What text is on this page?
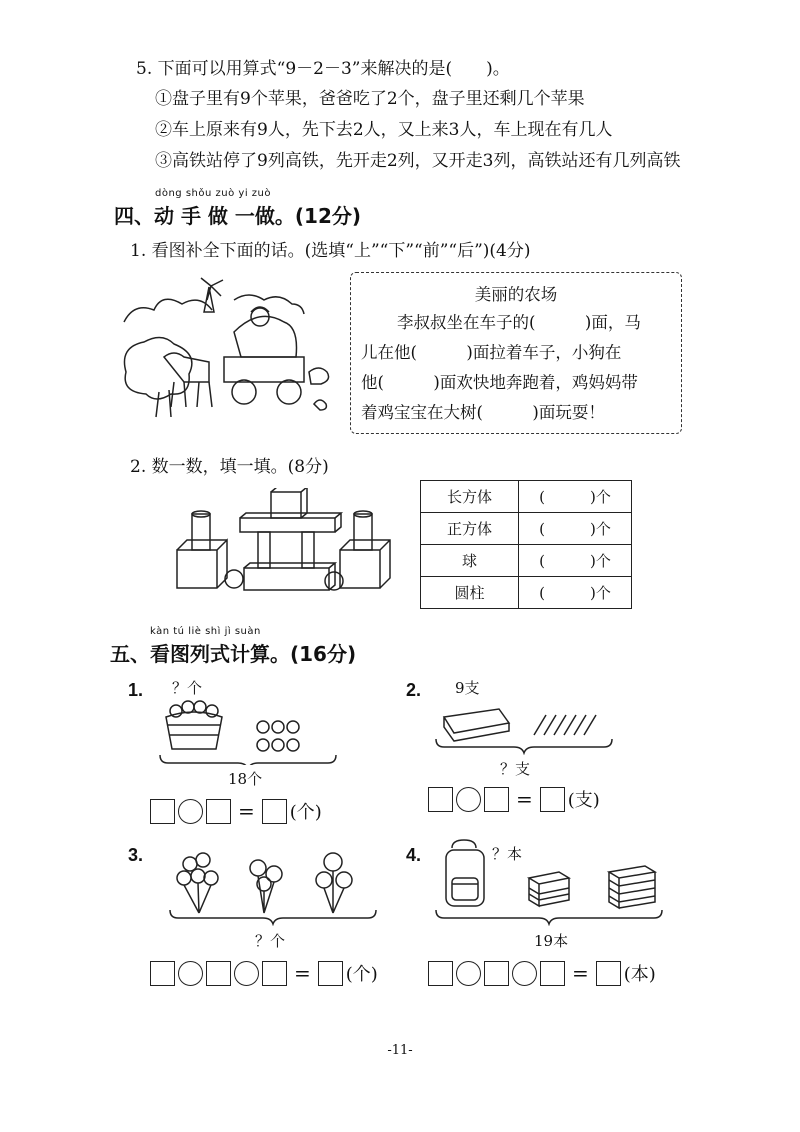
5. 下面可以用算式“9－2－3”来解决的是(　　)。
①盘子里有9个苹果，爸爸吃了2个，盘子里还剩几个苹果
②车上原来有9人，先下去2人，又上来3人，车上现在有几人
③高铁站停了9列高铁，先开走2列，又开走3列，高铁站还有几列高铁
dòng shǒu zuò yi zuò
四、动 手 做 一做。(12分)
1. 看图补全下面的话。(选填“上”“下”“前”“后”)(4分)
美丽的农场
李叔叔坐在车子的(　　　)面，马
儿在他(　　　)面拉着车子，小狗在
他(　　　)面欢快地奔跑着，鸡妈妈带
着鸡宝宝在大树(　　　)面玩耍！
2. 数一数，填一填。(8分)
长方体	(　　　)个
正方体	(　　　)个
球	(　　　)个
圆柱	(　　　)个
kàn tú liè shì jì suàn
五、看图列式计算。(16分)
1. ？个
18个
= (个)
2. 9支
？支
= (支)
3.
？个
= (个)
4.	？本
19本
= (本)
-11-
